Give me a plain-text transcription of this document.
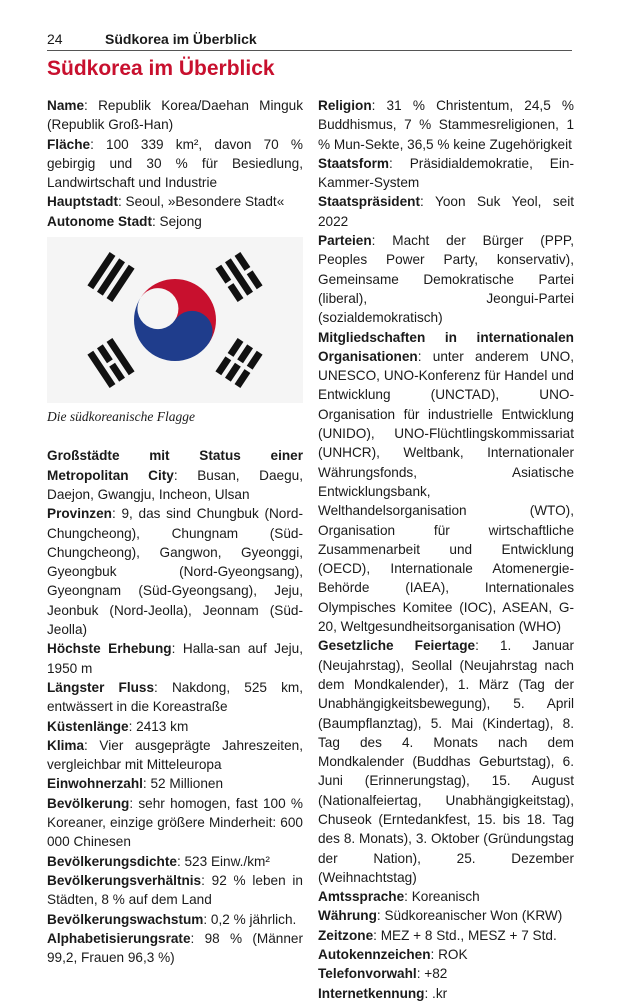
24	Südkorea im Überblick
Südkorea im Überblick

Name: Republik Korea/Daehan Minguk (Republik Groß-Han)

Fläche: 100 339 km², davon 70 % gebirgig und 30 % für Besiedlung, Landwirtschaft und Industrie

Hauptstadt: Seoul, »Besondere Stadt«

Autonome Stadt: Sejong

Die südkoreanische Flagge

Großstädte mit Status einer Metropolitan City: Busan, Daegu, Daejon, Gwangju, Incheon, Ulsan

Provinzen: 9, das sind Chungbuk (Nord-Chungcheong), Chungnam (Süd-Chungcheong), Gangwon, Gyeonggi, Gyeongbuk (Nord-Gyeongsang), Gyeongnam (Süd-Gyeongsang), Jeju, Jeonbuk (Nord-Jeolla), Jeonnam (Süd-Jeolla)

Höchste Erhebung: Halla-san auf Jeju, 1950 m

Längster Fluss: Nakdong, 525 km, entwässert in die Koreastraße

Küstenlänge: 2413 km

Klima: Vier ausgeprägte Jahreszeiten, vergleichbar mit Mitteleuropa

Einwohnerzahl: 52 Millionen

Bevölkerung: sehr homogen, fast 100 % Koreaner, einzige größere Minderheit: 600 000 Chinesen

Bevölkerungsdichte: 523 Einw./km²

Bevölkerungsverhältnis: 92 % leben in Städten, 8 % auf dem Land

Bevölkerungswachstum: 0,2 % jährlich.

Alphabetisierungsrate: 98 % (Männer 99,2, Frauen 96,3 %)

Religion: 31 % Christentum, 24,5 % Buddhismus, 7 % Stammesreligionen, 1 % Mun-Sekte, 36,5 % keine Zugehörigkeit

Staatsform: Präsidialdemokratie, Ein-Kammer-System

Staatspräsident: Yoon Suk Yeol, seit 2022

Parteien: Macht der Bürger (PPP, Peoples Power Party, konservativ), Gemeinsame Demokratische Partei (liberal), Jeongui-Partei (sozialdemokratisch)

Mitgliedschaften in internationalen Organisationen: unter anderem UNO, UNESCO, UNO-Konferenz für Handel und Entwicklung (UNCTAD), UNO-Organisation für industrielle Entwicklung (UNIDO), UNO-Flüchtlingskommissariat (UNHCR), Weltbank, Internationaler Währungsfonds, Asiatische Entwicklungsbank, Welthandelsorganisation (WTO), Organisation für wirtschaftliche Zusammenarbeit und Entwicklung (OECD), Internationale Atomenergie-Behörde (IAEA), Internationales Olympisches Komitee (IOC), ASEAN, G-20, Weltgesundheitsorganisation (WHO)

Gesetzliche Feiertage: 1. Januar (Neujahrstag), Seollal (Neujahrstag nach dem Mondkalender), 1. März (Tag der Unabhängigkeitsbewegung), 5. April (Baumpflanztag), 5. Mai (Kindertag), 8. Tag des 4. Monats nach dem Mondkalender (Buddhas Geburtstag), 6. Juni (Erinnerungstag), 15. August (Nationalfeiertag, Unabhängigkeitstag), Chuseok (Erntedankfest, 15. bis 18. Tag des 8. Monats), 3. Oktober (Gründungstag der Nation), 25. Dezember (Weihnachtstag)

Amtssprache: Koreanisch

Währung: Südkoreanischer Won (KRW)

Zeitzone: MEZ + 8 Std., MESZ + 7 Std.

Autokennzeichen: ROK

Telefonvorwahl: +82

Internetkennung: .kr
